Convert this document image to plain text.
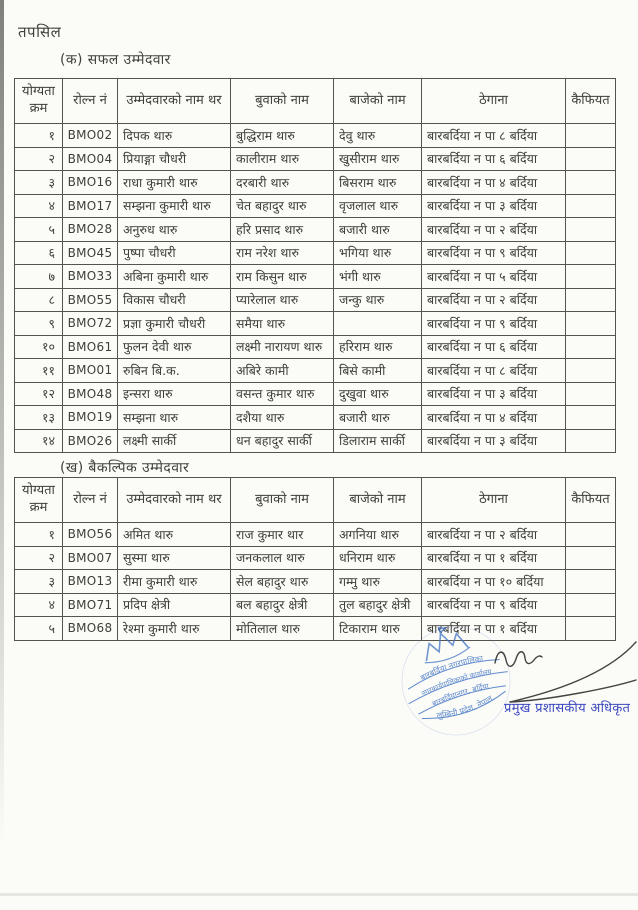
तपसिल
(क) सफल उम्मेदवार
योग्यता क्रम	रोल्न नं	उम्मेदवारको नाम थर	बुवाको नाम	बाजेको नाम	ठेगाना	कैफियत
१	BMO02	दिपक थारु	बुद्धिराम थारु	देवु थारु	बारबर्दिया न पा ८ बर्दिया	
२	BMO04	प्रियाङ्गा चौधरी	कालीराम थारु	खुसीराम थारु	बारबर्दिया न पा ६ बर्दिया	
३	BMO16	राधा कुमारी थारु	दरबारी थारु	बिसराम थारु	बारबर्दिया न पा ४ बर्दिया	
४	BMO17	सम्झना कुमारी थारु	चेत बहादुर थारु	वृजलाल थारु	बारबर्दिया न पा ३ बर्दिया	
५	BMO28	अनुरुध थारु	हरि प्रसाद थारु	बजारी थारु	बारबर्दिया न पा २ बर्दिया	
६	BMO45	पुष्पा चौधरी	राम नरेश थारु	भगिया थारु	बारबर्दिया न पा ९ बर्दिया	
७	BMO33	अबिना कुमारी थारु	राम किसुन थारु	भंगी थारु	बारबर्दिया न पा ५ बर्दिया	
८	BMO55	विकास चौधरी	प्यारेलाल थारु	जन्कु थारु	बारबर्दिया न पा २ बर्दिया	
९	BMO72	प्रज्ञा कुमारी चौधरी	समैया थारु		बारबर्दिया न पा ९ बर्दिया	
१०	BMO61	फुलन देवी थारु	लक्ष्मी नारायण थारु	हरिराम थारु	बारबर्दिया न पा ६ बर्दिया	
११	BMO01	रुबिन बि.क.	अबिरे कामी	बिसे कामी	बारबर्दिया न पा ८ बर्दिया	
१२	BMO48	इन्सरा थारु	वसन्त कुमार थारु	दुखुवा थारु	बारबर्दिया न पा ३ बर्दिया	
१३	BMO19	सम्झना थारु	दशैया थारु	बजारी थारु	बारबर्दिया न पा ४ बर्दिया	
१४	BMO26	लक्ष्मी सार्की	धन बहादुर सार्की	डिलाराम सार्की	बारबर्दिया न पा ३ बर्दिया	
(ख) बैकल्पिक उम्मेदवार
योग्यता क्रम	रोल्न नं	उम्मेदवारको नाम थर	बुवाको नाम	बाजेको नाम	ठेगाना	कैफियत
१	BMO56	अमित थारु	राज कुमार थार	अगनिया थारु	बारबर्दिया न पा २ बर्दिया	
२	BMO07	सुस्मा थारु	जनकलाल थारु	धनिराम थारु	बारबर्दिया न पा १ बर्दिया	
३	BMO13	रीमा कुमारी थारु	सेल बहादुर थारु	गम्मु थारु	बारबर्दिया न पा १० बर्दिया	
४	BMO71	प्रदिप क्षेत्री	बल बहादुर क्षेत्री	तुल बहादुर क्षेत्री	बारबर्दिया न पा ९ बर्दिया	
५	BMO68	रेश्मा कुमारी थारु	मोतिलाल थारु	टिकाराम थारु	बारबर्दिया न पा १ बर्दिया	
बारबर्दिया नगरपालिका
नगरकार्यपालिकाको कार्यालय
बारबर्दियानगर, बर्दिया
लुम्बिनी प्रदेश, नेपाल
प्रमुख प्रशासकीय अधिकृत
